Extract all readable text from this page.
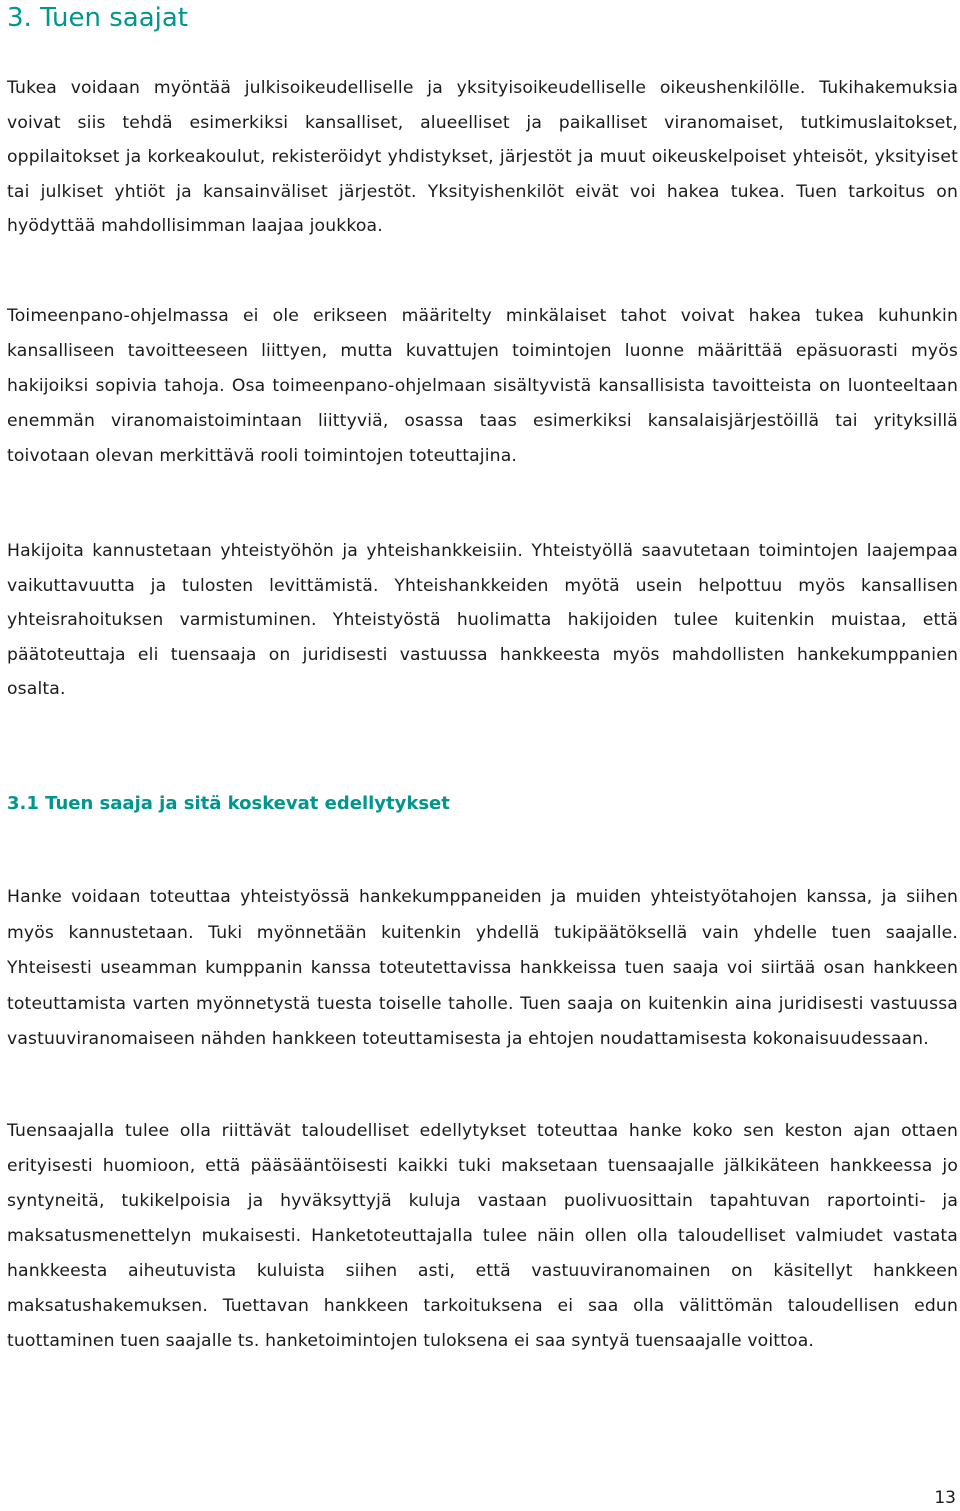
3. Tuen saajat

Tukea voidaan myöntää julkisoikeudelliselle ja yksityisoikeudelliselle oikeushenkilölle. Tukihakemuksia voivat siis tehdä esimerkiksi kansalliset, alueelliset ja paikalliset viranomaiset, tutkimuslaitokset, oppilaitokset ja korkeakoulut, rekisteröidyt yhdistykset, järjestöt ja muut oikeuskelpoiset yhteisöt, yksityiset tai julkiset yhtiöt ja kansainväliset järjestöt. Yksityishenkilöt eivät voi hakea tukea. Tuen tarkoitus on hyödyttää mahdollisimman laajaa joukkoa.

Toimeenpano-ohjelmassa ei ole erikseen määritelty minkälaiset tahot voivat hakea tukea kuhunkin kansalliseen tavoitteeseen liittyen, mutta kuvattujen toimintojen luonne määrittää epäsuorasti myös hakijoiksi sopivia tahoja. Osa toimeenpano-ohjelmaan sisältyvistä kansallisista tavoitteista on luonteeltaan enemmän viranomaistoimintaan liittyviä, osassa taas esimerkiksi kansalaisjärjestöillä tai yrityksillä toivotaan olevan merkittävä rooli toimintojen toteuttajina.

Hakijoita kannustetaan yhteistyöhön ja yhteishankkeisiin. Yhteistyöllä saavutetaan toimintojen laajempaa vaikuttavuutta ja tulosten levittämistä. Yhteishankkeiden myötä usein helpottuu myös kansallisen yhteisrahoituksen varmistuminen. Yhteistyöstä huolimatta hakijoiden tulee kuitenkin muistaa, että päätoteuttaja eli tuensaaja on juridisesti vastuussa hankkeesta myös mahdollisten hankekumppanien osalta.

3.1 Tuen saaja ja sitä koskevat edellytykset

Hanke voidaan toteuttaa yhteistyössä hankekumppaneiden ja muiden yhteistyötahojen kanssa, ja siihen myös kannustetaan. Tuki myönnetään kuitenkin yhdellä tukipäätöksellä vain yhdelle tuen saajalle. Yhteisesti useamman kumppanin kanssa toteutettavissa hankkeissa tuen saaja voi siirtää osan hankkeen toteuttamista varten myönnetystä tuesta toiselle taholle. Tuen saaja on kuitenkin aina juridisesti vastuussa vastuuviranomaiseen nähden hankkeen toteuttamisesta ja ehtojen noudattamisesta kokonaisuudessaan.

Tuensaajalla tulee olla riittävät taloudelliset edellytykset toteuttaa hanke koko sen keston ajan ottaen erityisesti huomioon, että pääsääntöisesti kaikki tuki maksetaan tuensaajalle jälkikäteen hankkeessa jo syntyneitä, tukikelpoisia ja hyväksyttyjä kuluja vastaan puolivuosittain tapahtuvan raportointi- ja maksatusmenettelyn mukaisesti. Hanketoteuttajalla tulee näin ollen olla taloudelliset valmiudet vastata hankkeesta aiheutuvista kuluista siihen asti, että vastuuviranomainen on käsitellyt hankkeen maksatushakemuksen. Tuettavan hankkeen tarkoituksena ei saa olla välittömän taloudellisen edun tuottaminen tuen saajalle ts. hanketoimintojen tuloksena ei saa syntyä tuensaajalle voittoa.

13
